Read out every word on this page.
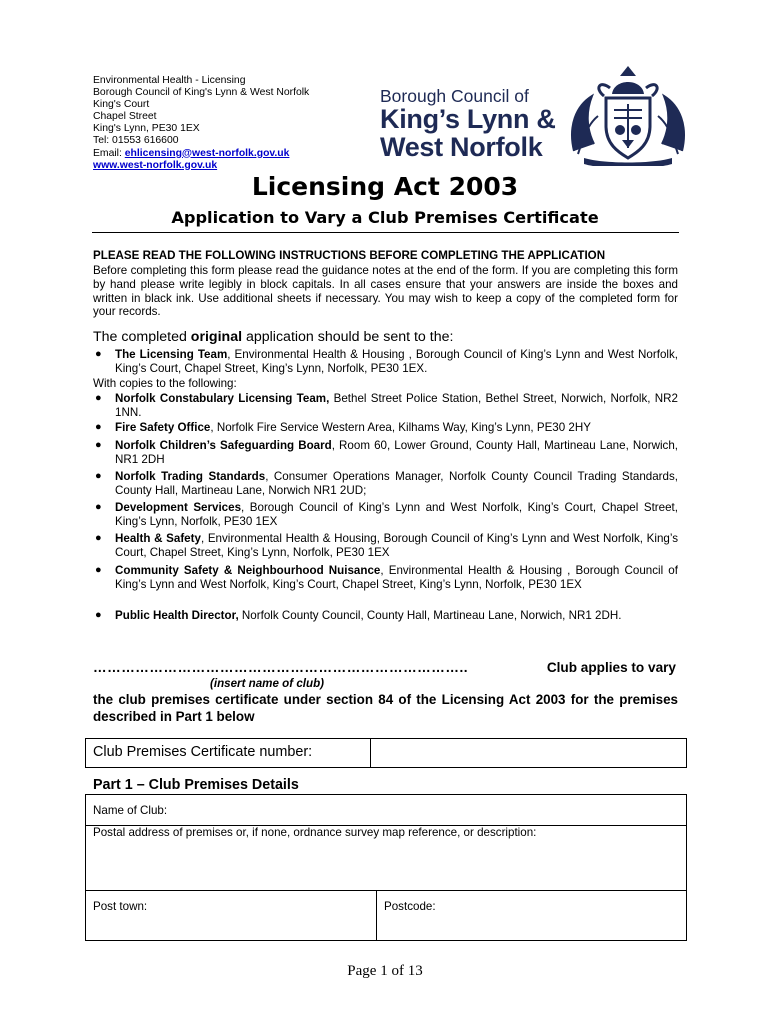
Environmental Health - Licensing
Borough Council of King's Lynn & West Norfolk
King's Court
Chapel Street
King's Lynn, PE30 1EX
Tel: 01553 616600
Email: ehlicensing@west-norfolk.gov.uk
www.west-norfolk.gov.uk
Borough Council of
King’s Lynn &
West Norfolk
Licensing Act 2003
Application to Vary a Club Premises Certificate
PLEASE READ THE FOLLOWING INSTRUCTIONS BEFORE COMPLETING THE APPLICATION
Before completing this form please read the guidance notes at the end of the form. If you are completing this form by hand please write legibly in block capitals. In all cases ensure that your answers are inside the boxes and written in black ink. Use additional sheets if necessary. You may wish to keep a copy of the completed form for your records.
The completed original application should be sent to the:
● The Licensing Team, Environmental Health & Housing , Borough Council of King’s Lynn and West Norfolk, King’s Court, Chapel Street, King’s Lynn, Norfolk, PE30 1EX.
With copies to the following:
● Norfolk Constabulary Licensing Team, Bethel Street Police Station, Bethel Street, Norwich, Norfolk, NR2 1NN.
● Fire Safety Office, Norfolk Fire Service Western Area, Kilhams Way, King’s Lynn, PE30 2HY
● Norfolk Children’s Safeguarding Board, Room 60, Lower Ground, County Hall, Martineau Lane, Norwich, NR1 2DH
● Norfolk Trading Standards, Consumer Operations Manager, Norfolk County Council Trading Standards, County Hall, Martineau Lane, Norwich NR1 2UD;
● Development Services, Borough Council of King’s Lynn and West Norfolk, King’s Court, Chapel Street, King’s Lynn, Norfolk, PE30 1EX
● Health & Safety, Environmental Health & Housing, Borough Council of King’s Lynn and West Norfolk, King’s Court, Chapel Street, King’s Lynn, Norfolk, PE30 1EX
● Community Safety & Neighbourhood Nuisance, Environmental Health & Housing , Borough Council of King’s Lynn and West Norfolk, King’s Court, Chapel Street, King’s Lynn, Norfolk, PE30 1EX
● Public Health Director, Norfolk County Council, County Hall, Martineau Lane, Norwich, NR1 2DH.
……………………………………………………………………..	Club applies to vary
(insert name of club)
the club premises certificate under section 84 of the Licensing Act 2003 for the premises described in Part 1 below
Club Premises Certificate number:
Part 1 – Club Premises Details
Name of Club:
Postal address of premises or, if none, ordnance survey map reference, or description:
Post town:	Postcode:
Page 1 of 13
